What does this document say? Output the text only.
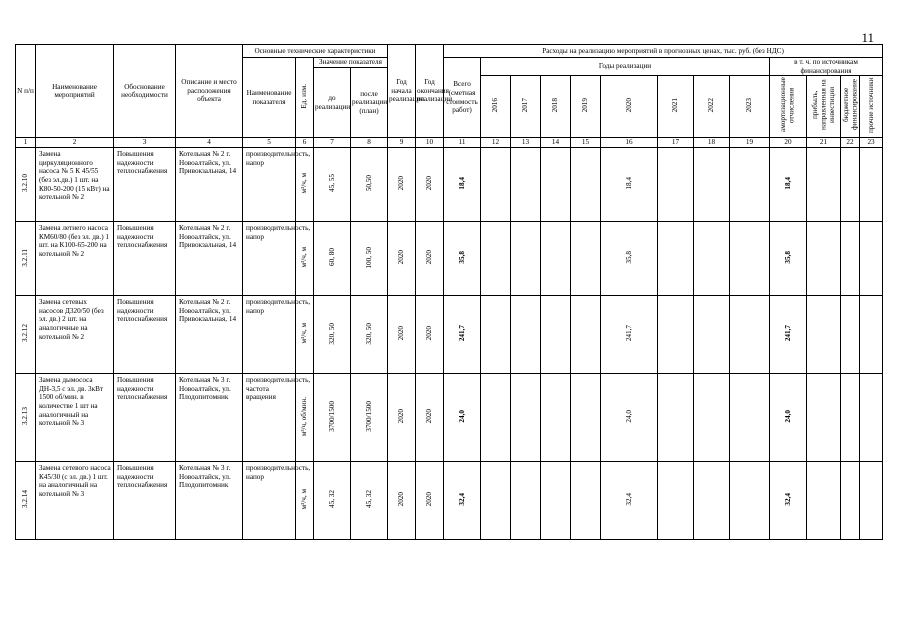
11
N п/п	Наименование мероприятий	Обоснование необходимости	Описание и место расположения объекта	Основные технические характеристики				Год начала реализации	Год окончания реализации	Расходы на реализацию мероприятий в прогнозных ценах, тыс. руб. (без НДС)												
				Наименование показателя	Ед. изм.	Значение показателя				Всего (сметная стоимость работ)	Годы реализации								в т. ч. по источникам финансирования			
						до реализации	после реализации (план)															
											2016	2017	2018	2019	2020	2021	2022	2023	амортизационные отчисления	прибыль, направленная на инвестиции	бюджетное финансирование	прочие источники
1	2	3	4	5	6	7	8	9	10	11	12	13	14	15	16	17	18	19	20	21	22	23
3.2.10	Замена циркуляционного насоса № 5 К 45/55 (без эл.дв.) 1 шт. на К80-50-200 (15 кВт) на котельной № 2	Повышения надежности теплоснабжения	Котельная № 2 г. Новоалтайск, ул. Привокзальная, 14	производительность, напор	м³/ч, м	45, 55	50,50	2020	2020	18,4					18,4				18,4			
3.2.11	Замена летнего насоса КМ60/80 (без эл. дв.) 1 шт. на К100-65-200 на котельной № 2	Повышения надежности теплоснабжения	Котельная № 2 г. Новоалтайск, ул. Привокзальная, 14	производительность, напор	м³/ч, м	60, 80	100, 50	2020	2020	35,8					35,8				35,8			
3.2.12	Замена сетевых насосов Д320/50 (без эл. дв.) 2 шт. на аналогичные на котельной № 2	Повышения надежности теплоснабжения	Котельная № 2 г. Новоалтайск, ул. Привокзальная, 14	производительность, напор	м³/ч, м	320, 50	320, 50	2020	2020	241,7					241,7				241,7			
3.2.13	Замена дымососа ДН-3,5 с эл. дв. 3кВт 1500 об/мин. в количестве 1 шт на аналогичный на котельной № 3	Повышения надежности теплоснабжения	Котельная № 3 г. Новоалтайск, ул. Плодопитомник	производительность, частота вращения	м³/ч, об/мин.	3700/1500	3700/1500	2020	2020	24,0					24,0				24,0			
3.2.14	Замена сетевого насоса К45/30 (с эл. дв.) 1 шт. на аналогичный на котельной № 3	Повышения надежности теплоснабжения	Котельная № 3 г. Новоалтайск, ул. Плодопитомник	производительность, напор	м³/ч, м	45, 32	45, 32	2020	2020	32,4					32,4				32,4			
